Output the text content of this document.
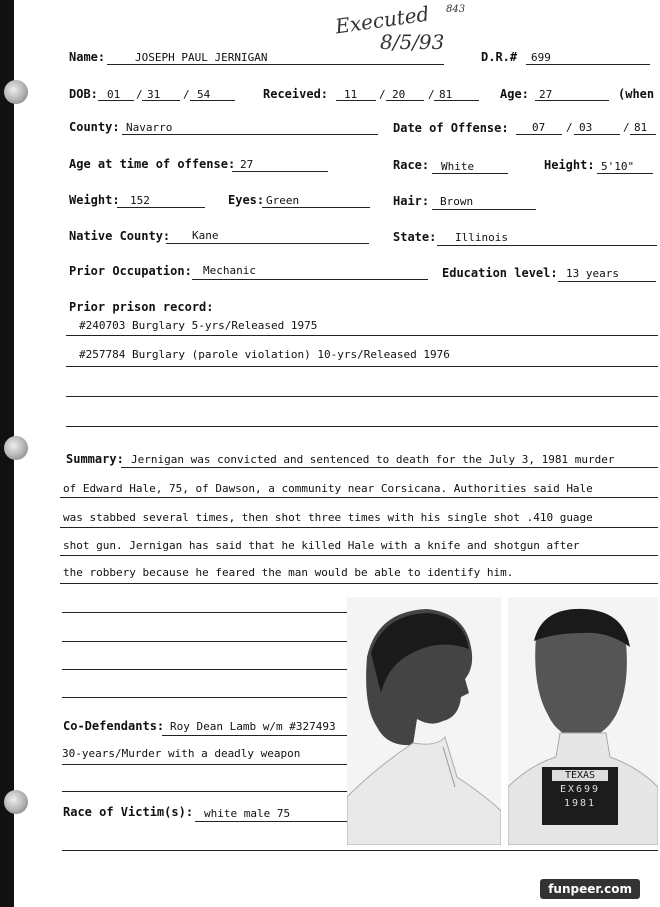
Executed 843
8/5/93
Name:	JOSEPH PAUL JERNIGAN	D.R.# 699
DOB: 01 / 31 / 54	Received: 11 / 20 / 81	Age: 27	(when
County: Navarro	Date of Offense: 07 / 03	/ 81
Age at time of offense: 27	Race: White	Height: 5'10"
Weight: 152	Eyes: Green	Hair: Brown
Native County: Kane	State: Illinois
Prior Occupation: Mechanic	Education level: 13 years
Prior prison record:
#240703 Burglary 5-yrs/Released 1975
#257784 Burglary (parole violation) 10-yrs/Released 1976
Summary: Jernigan was convicted and sentenced to death for the July 3, 1981 murder
of Edward Hale, 75, of Dawson, a community near Corsicana. Authorities said Hale
was stabbed several times, then shot three times with his single shot .410 guage
shot gun. Jernigan has said that he killed Hale with a knife and shotgun after
the robbery because he feared the man would be able to identify him.
Co-Defendants: Roy Dean Lamb w/m #327493
30-years/Murder with a deadly weapon
Race of Victim(s): white male 75
TEXAS
EX699
1981
funpeer.com
